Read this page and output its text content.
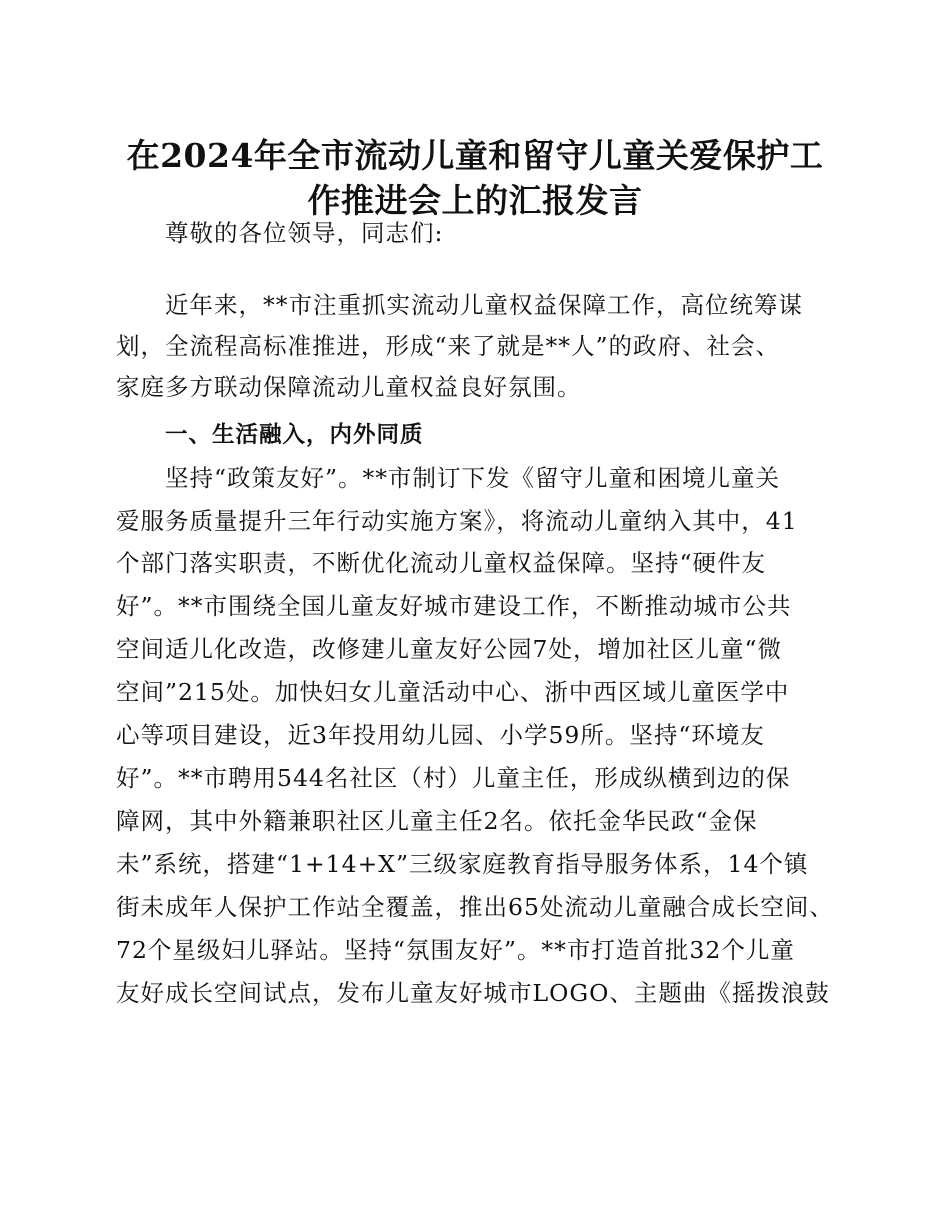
在2024年全市流动儿童和留守儿童关爱保护工
作推进会上的汇报发言

尊敬的各位领导，同志们:

近年来，**市注重抓实流动儿童权益保障工作，高位统筹谋

划，全流程高标准推进，形成“来了就是**人”的政府、社会、

家庭多方联动保障流动儿童权益良好氛围。

一、生活融入，内外同质

坚持“政策友好”。**市制订下发《留守儿童和困境儿童关

爱服务质量提升三年行动实施方案》，将流动儿童纳入其中，41

个部门落实职责，不断优化流动儿童权益保障。坚持“硬件友

好”。**市围绕全国儿童友好城市建设工作，不断推动城市公共

空间适儿化改造，改修建儿童友好公园7处，增加社区儿童“微

空间”215处。加快妇女儿童活动中心、浙中西区域儿童医学中

心等项目建设，近3年投用幼儿园、小学59所。坚持“环境友

好”。**市聘用544名社区（村）儿童主任，形成纵横到边的保

障网，其中外籍兼职社区儿童主任2名。依托金华民政“金保

未”系统，搭建“1+14+X”三级家庭教育指导服务体系，14个镇

街未成年人保护工作站全覆盖，推出65处流动儿童融合成长空间、

72个星级妇儿驿站。坚持“氛围友好”。**市打造首批32个儿童

友好成长空间试点，发布儿童友好城市LOGO、主题曲《摇拨浪鼓
